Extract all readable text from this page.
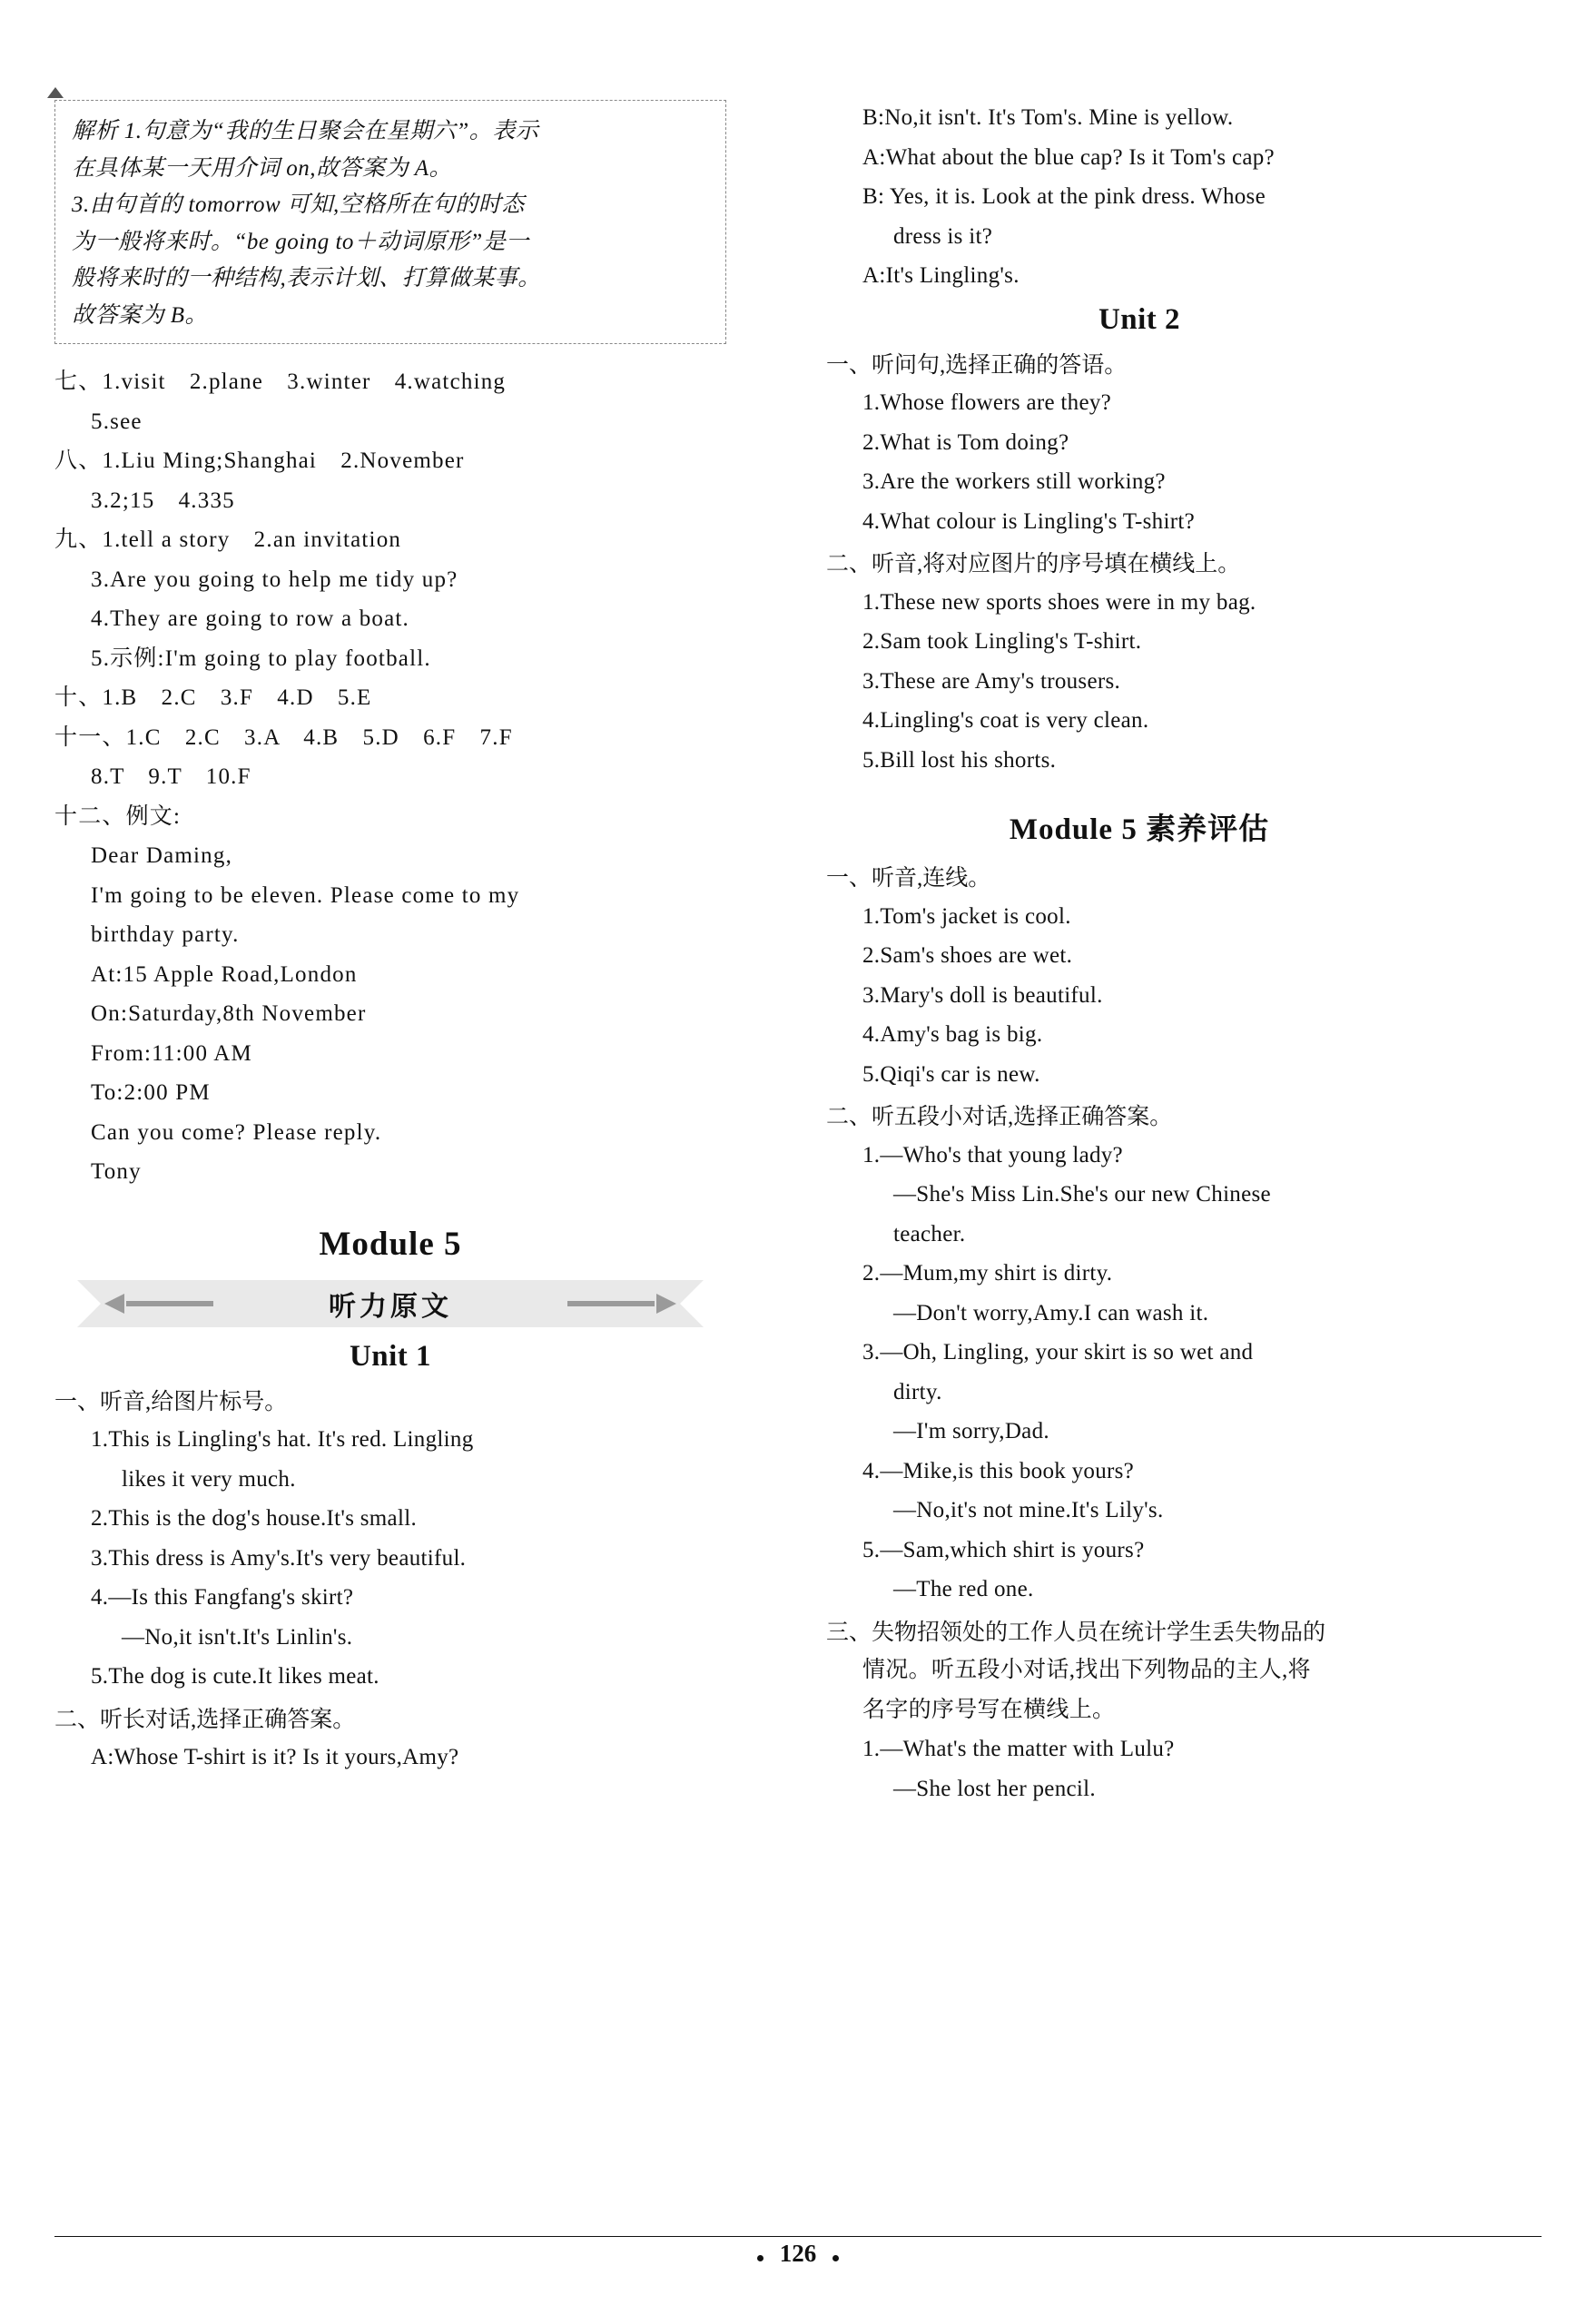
解析 1.句意为“我的生日聚会在星期六”。表示
在具体某一天用介词 on,故答案为 A。
3.由句首的 tomorrow 可知,空格所在句的时态
为一般将来时。“be going to＋动词原形”是一
般将来时的一种结构,表示计划、打算做某事。
故答案为 B。
七、1.visit　2.plane　3.winter　4.watching
5.see
八、1.Liu Ming;Shanghai　2.November
3.2;15　4.335
九、1.tell a story　2.an invitation
3.Are you going to help me tidy up?
4.They are going to row a boat.
5.示例:I'm going to play football.
十、1.B　2.C　3.F　4.D　5.E
十一、1.C　2.C　3.A　4.B　5.D　6.F　7.F
8.T　9.T　10.F
十二、例文:
Dear Daming,
I'm going to be eleven. Please come to my
birthday party.
At:15 Apple Road,London
On:Saturday,8th November
From:11:00 AM
To:2:00 PM
Can you come? Please reply.
Tony
Module 5
听力原文
Unit 1
一、听音,给图片标号。
1.This is Lingling's hat. It's red. Lingling
likes it very much.
2.This is the dog's house.It's small.
3.This dress is Amy's.It's very beautiful.
4.—Is this Fangfang's skirt?
—No,it isn't.It's Linlin's.
5.The dog is cute.It likes meat.
二、听长对话,选择正确答案。
A:Whose T-shirt is it? Is it yours,Amy?
B:No,it isn't. It's Tom's. Mine is yellow.
A:What about the blue cap? Is it Tom's cap?
B: Yes, it is. Look at the pink dress. Whose
dress is it?
A:It's Lingling's.
Unit 2
一、听问句,选择正确的答语。
1.Whose flowers are they?
2.What is Tom doing?
3.Are the workers still working?
4.What colour is Lingling's T-shirt?
二、听音,将对应图片的序号填在横线上。
1.These new sports shoes were in my bag.
2.Sam took Lingling's T-shirt.
3.These are Amy's trousers.
4.Lingling's coat is very clean.
5.Bill lost his shorts.
Module 5 素养评估
一、听音,连线。
1.Tom's jacket is cool.
2.Sam's shoes are wet.
3.Mary's doll is beautiful.
4.Amy's bag is big.
5.Qiqi's car is new.
二、听五段小对话,选择正确答案。
1.—Who's that young lady?
—She's Miss Lin.She's our new Chinese
teacher.
2.—Mum,my shirt is dirty.
—Don't worry,Amy.I can wash it.
3.—Oh, Lingling, your skirt is so wet and
dirty.
—I'm sorry,Dad.
4.—Mike,is this book yours?
—No,it's not mine.It's Lily's.
5.—Sam,which shirt is yours?
—The red one.
三、失物招领处的工作人员在统计学生丢失物品的
情况。听五段小对话,找出下列物品的主人,将
名字的序号写在横线上。
1.—What's the matter with Lulu?
—She lost her pencil.
126
